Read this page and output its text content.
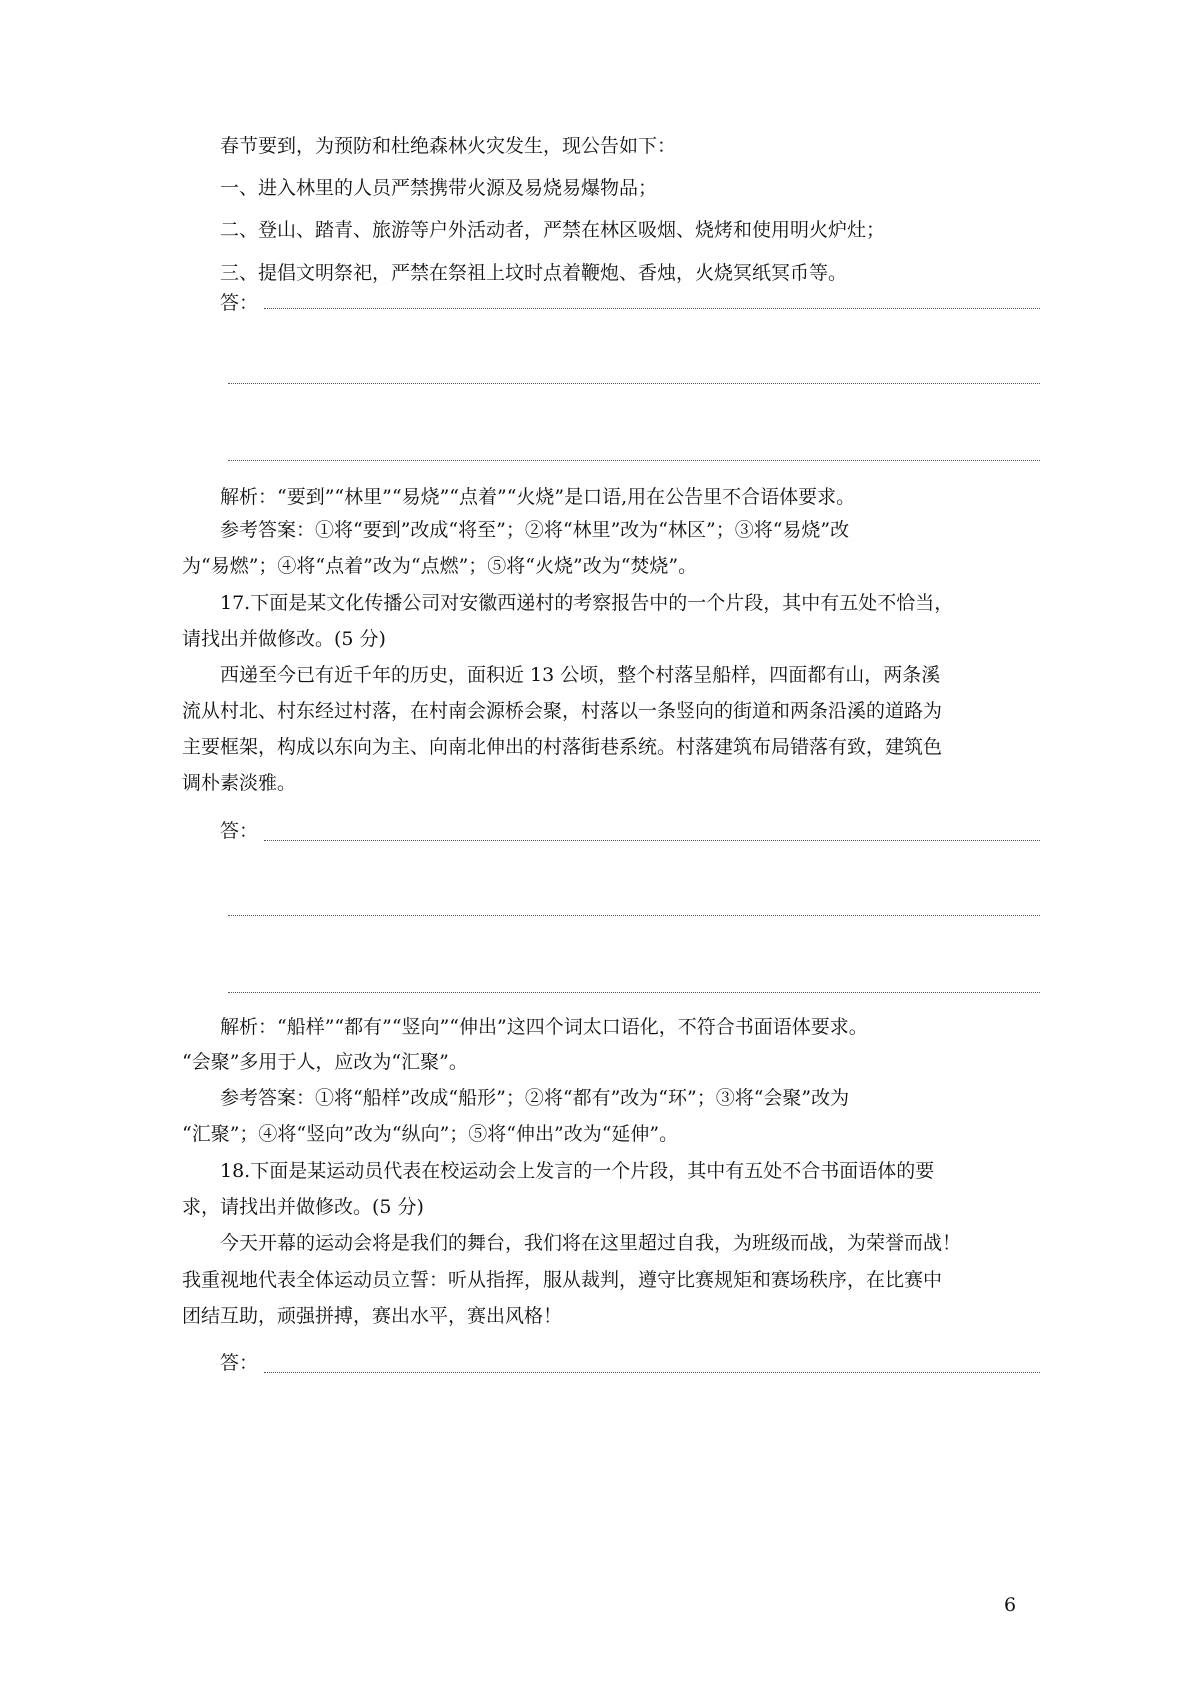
春节要到，为预防和杜绝森林火灾发生，现公告如下：
一、进入林里的人员严禁携带火源及易烧易爆物品；
二、登山、踏青、旅游等户外活动者，严禁在林区吸烟、烧烤和使用明火炉灶；
三、提倡文明祭祀，严禁在祭祖上坟时点着鞭炮、香烛，火烧冥纸冥币等。
答：
解析：“要到”“林里”“易烧”“点着”“火烧”是口语,用在公告里不合语体要求。
参考答案：①将“要到”改成“将至”；②将“林里”改为“林区”；③将“易烧”改
为“易燃”；④将“点着”改为“点燃”；⑤将“火烧”改为“焚烧”。
17.下面是某文化传播公司对安徽西递村的考察报告中的一个片段，其中有五处不恰当，
请找出并做修改。(5 分)
西递至今已有近千年的历史，面积近 13 公顷，整个村落呈船样，四面都有山，两条溪
流从村北、村东经过村落，在村南会源桥会聚，村落以一条竖向的街道和两条沿溪的道路为
主要框架，构成以东向为主、向南北伸出的村落街巷系统。村落建筑布局错落有致，建筑色
调朴素淡雅。
答：
解析：“船样”“都有”“竖向”“伸出”这四个词太口语化，不符合书面语体要求。
“会聚”多用于人，应改为“汇聚”。
参考答案：①将“船样”改成“船形”；②将“都有”改为“环”；③将“会聚”改为
“汇聚”；④将“竖向”改为“纵向”；⑤将“伸出”改为“延伸”。
18.下面是某运动员代表在校运动会上发言的一个片段，其中有五处不合书面语体的要
求，请找出并做修改。(5 分)
今天开幕的运动会将是我们的舞台，我们将在这里超过自我，为班级而战，为荣誉而战！
我重视地代表全体运动员立誓：听从指挥，服从裁判，遵守比赛规矩和赛场秩序，在比赛中
团结互助，顽强拼搏，赛出水平，赛出风格！
答：
6
